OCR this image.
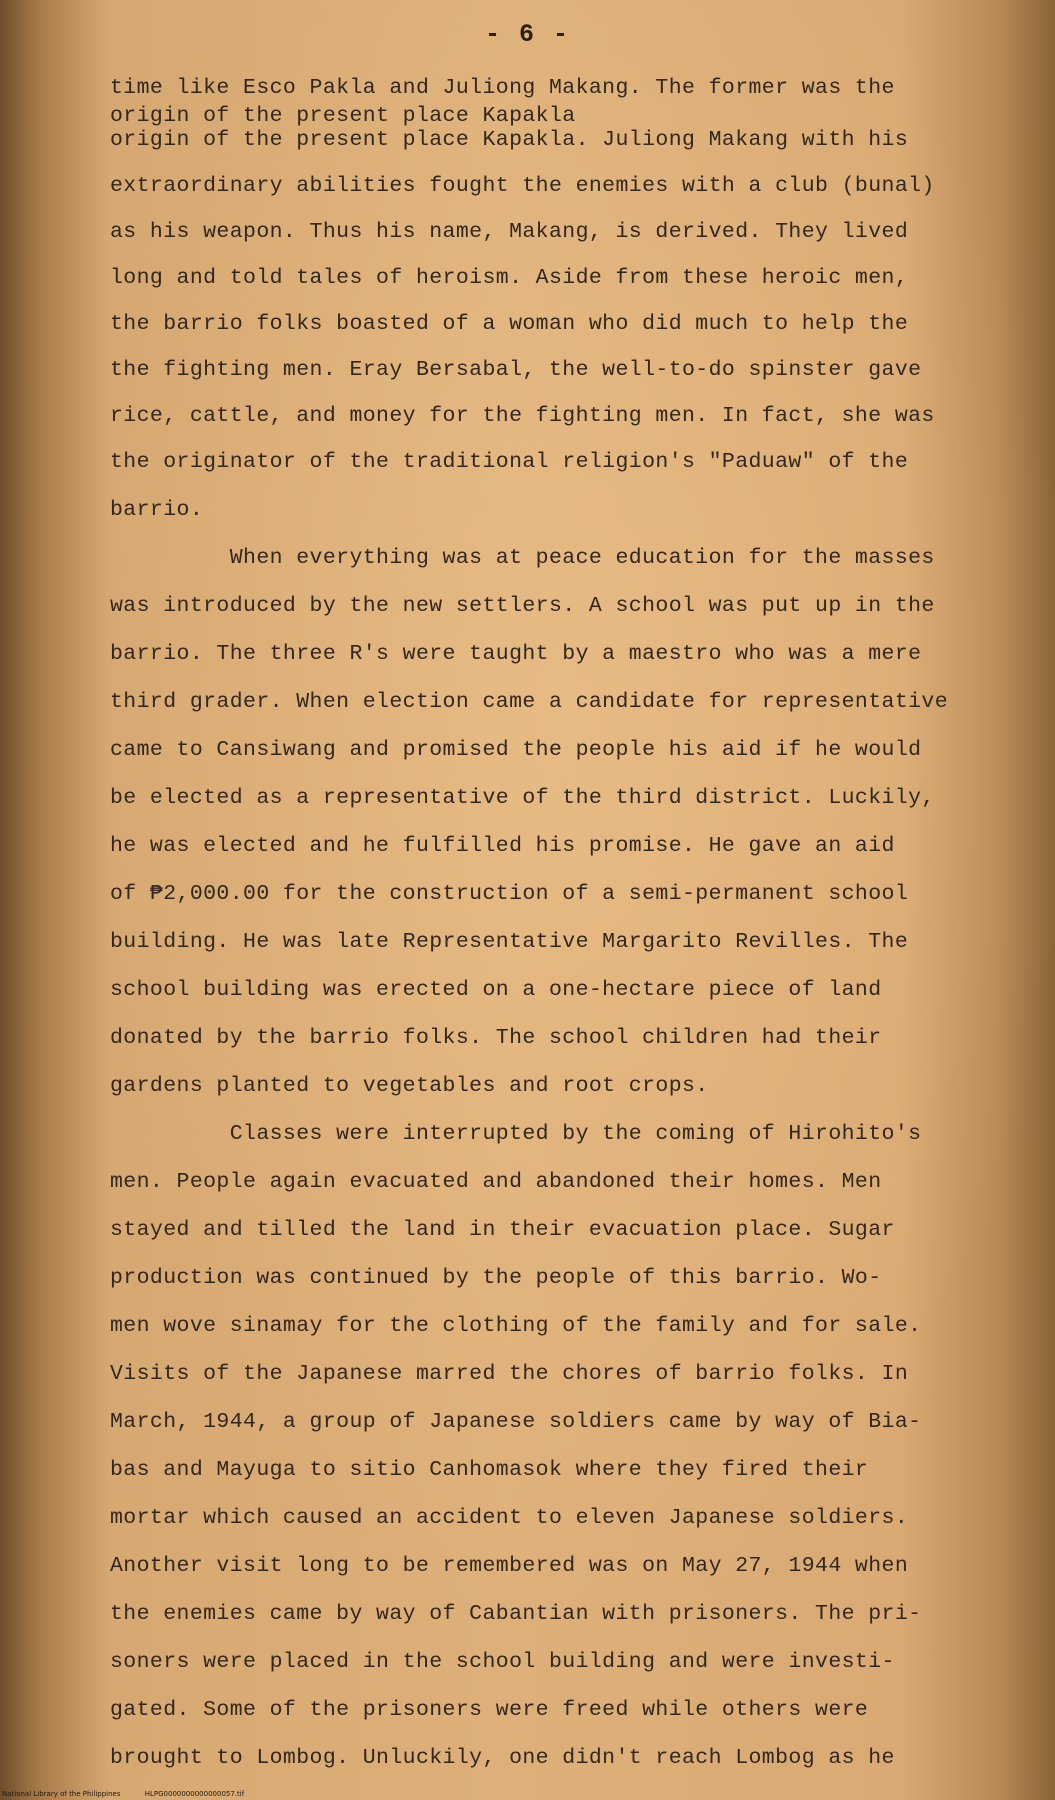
- 6 -
time like Esco Pakla and Juliong Makang. The former was the
origin of the present place Kapakla
origin of the present place Kapakla. Juliong Makang with his
extraordinary abilities fought the enemies with a club (bunal)
as his weapon. Thus his name, Makang, is derived. They lived
long and told tales of heroism. Aside from these heroic men,
the barrio folks boasted of a woman who did much to help the
the fighting men. Eray Bersabal, the well-to-do spinster gave
rice, cattle, and money for the fighting men. In fact, she was
the originator of the traditional religion's "Paduaw" of the
barrio.
When everything was at peace education for the masses
was introduced by the new settlers. A school was put up in the
barrio. The three R's were taught by a maestro who was a mere
third grader. When election came a candidate for representative
came to Cansiwang and promised the people his aid if he would
be elected as a representative of the third district. Luckily,
he was elected and he fulfilled his promise. He gave an aid
of ₱2,000.00 for the construction of a semi-permanent school
building. He was late Representative Margarito Revilles. The
school building was erected on a one-hectare piece of land
donated by the barrio folks. The school children had their
gardens planted to vegetables and root crops.
Classes were interrupted by the coming of Hirohito's
men. People again evacuated and abandoned their homes. Men
stayed and tilled the land in their evacuation place. Sugar
production was continued by the people of this barrio. Wo-
men wove sinamay for the clothing of the family and for sale.
Visits of the Japanese marred the chores of barrio folks. In
March, 1944, a group of Japanese soldiers came by way of Bia-
bas and Mayuga to sitio Canhomasok where they fired their
mortar which caused an accident to eleven Japanese soldiers.
Another visit long to be remembered was on May 27, 1944 when
the enemies came by way of Cabantian with prisoners. The pri-
soners were placed in the school building and were investi-
gated. Some of the prisoners were freed while others were
brought to Lombog. Unluckily, one didn't reach Lombog as he
National Library of the Philippines	HLPG0000000000000057.tif
